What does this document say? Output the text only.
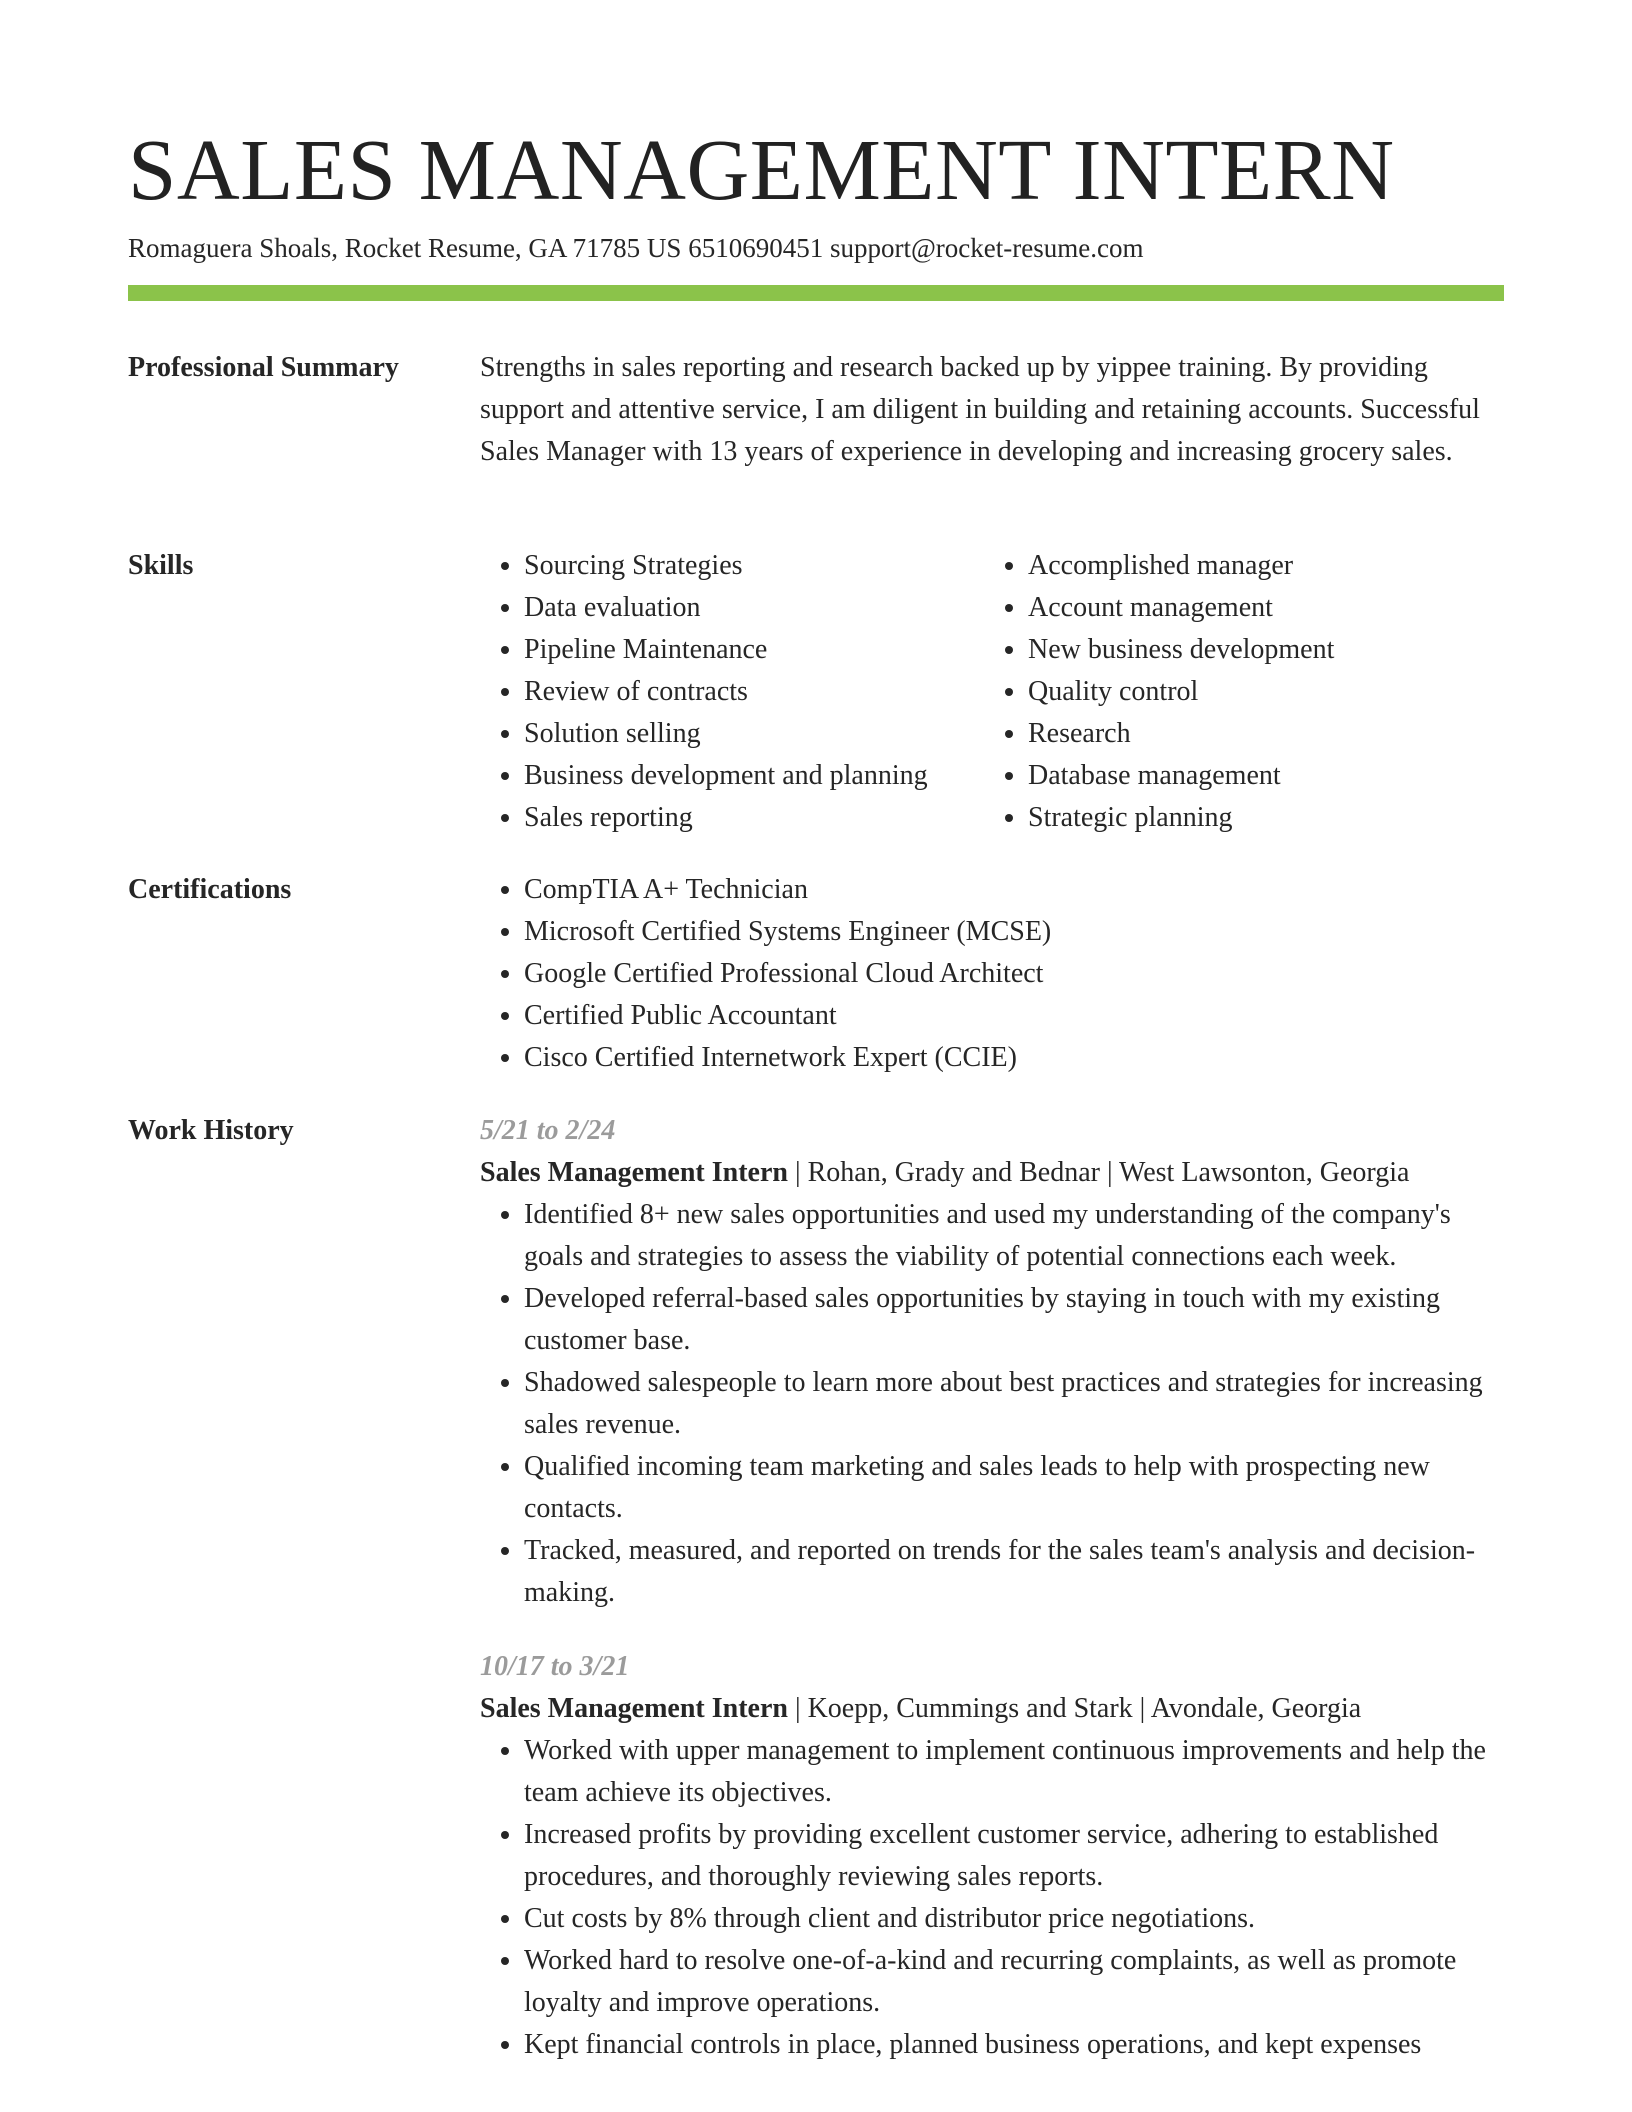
SALES MANAGEMENT INTERN
Romaguera Shoals, Rocket Resume, GA 71785 US 6510690451 support@rocket-resume.com
Professional Summary	Strengths in sales reporting and research backed up by yippee training. By providing support and attentive service, I am diligent in building and retaining accounts. Successful Sales Manager with 13 years of experience in developing and increasing grocery sales.

Skills	• Sourcing Strategies
• Data evaluation
• Pipeline Maintenance
• Review of contracts
• Solution selling
• Business development and planning
• Sales reporting
• Accomplished manager
• Account management
• New business development
• Quality control
• Research
• Database management
• Strategic planning
Certifications	• CompTIA A+ Technician
• Microsoft Certified Systems Engineer (MCSE)
• Google Certified Professional Cloud Architect
• Certified Public Accountant
• Cisco Certified Internetwork Expert (CCIE)
Work History	5/21 to 2/24
Sales Management Intern | Rohan, Grady and Bednar | West Lawsonton, Georgia
• Identified 8+ new sales opportunities and used my understanding of the company's goals and strategies to assess the viability of potential connections each week.
• Developed referral-based sales opportunities by staying in touch with my existing customer base.
• Shadowed salespeople to learn more about best practices and strategies for increasing sales revenue.
• Qualified incoming team marketing and sales leads to help with prospecting new contacts.
• Tracked, measured, and reported on trends for the sales team's analysis and decision-making.
10/17 to 3/21
Sales Management Intern | Koepp, Cummings and Stark | Avondale, Georgia
• Worked with upper management to implement continuous improvements and help the team achieve its objectives.
• Increased profits by providing excellent customer service, adhering to established procedures, and thoroughly reviewing sales reports.
• Cut costs by 8% through client and distributor price negotiations.
• Worked hard to resolve one-of-a-kind and recurring complaints, as well as promote loyalty and improve operations.
• Kept financial controls in place, planned business operations, and kept expenses
